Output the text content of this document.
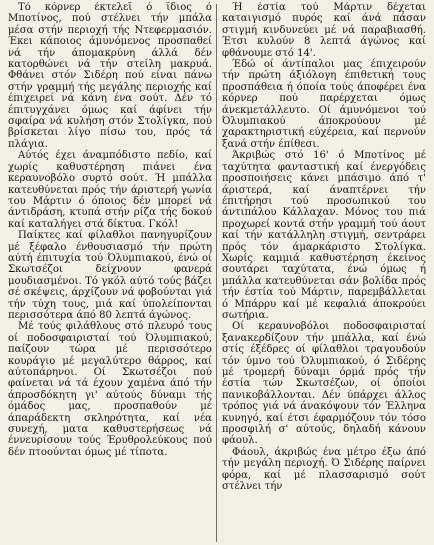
Τό κόρνερ έκτελεΐ ό ΐδιος ό Μποτίνος, πού στέλνει τήν μπάλα μέσα στήν περιοχή τής Ντεφερμασιόν. Έκει κάποιος άμυνόμενος προσπαθεί νά τήν άπομακρύνη άλλά δέν κατορθώνει νά τήν στείλη μακρυά. Φθάνει στόν Σιδέρη πού είναι πάνω στήν γραμμή τής μεγάλης περιοχής καί έπιχειρεί νά κάνη ένα σούτ. Δέν τό έπιτυγχάνει όμως καί άφίνει τήν σφαίρα νά κυλήση στόν Στολίγκα, πού βρίσκεται λίγο πίσω του, πρός τά πλάγια.

Αύτός έχει άναμπόδιστο πεδίο, καί χωρίς καθυστέρηση πιάνει ένα κεραυνοβόλο συρτό σούτ. Ή μπάλλα κατευθύνεται πρός τήν άριστερή γωνία του Μάρτιν ό όποιος δέν μπορεί νά άντιδράση, κτυπά στήν ρίζα τής δοκού καί καταλήγει στά δίκτυα. Γκόλ!

Παίκτες καί φίλαθλοι πανηγυρίζουν μέ ξέφαλο ένθουσιασμό τήν πρώτη αύτή έπιτυχία τού Όλυμπιακού, ένώ οί Σκωτσέζοι δείχνουν φανερά μουδιασμένοι. Τό γκόλ αύτό τούς βάζει σέ σκέψεις, άρχίζουν νά φοβούνται γιά τήν τύχη τους, μιά καί ύπολείπονται περισσότερα άπό 80 λεπτά άγώνος.

Μέ τούς φιλάθλους στό πλευρό τους οί ποδοσφαιρισταί τού Όλυμπιακού, παίζουν τώρα μέ περισσότερο κουράγιο μέ μεγαλύτερο θάρρος, καί αύτοπάρηνοι. Οί Σκωτσέζοι πού φαίνεται νά τά έχουν χαμένα άπό τήν άπροσδόκητη γι' αύτούς δύναμι τής όμάδος μας, προσπαθούν μέ άπαράδεκτη σκληρότητα, καί νέα συνεχή, ματα καθυστερήσεως νά έννευρίσουν τούς Έρυθρολεύκους πού δέν πτοούνται όμως μέ τίποτα.

Ή έστία τού Μάρτιν δέχεται καταιγισμό πυρός καί άνά πάσαν στιγμή κινδυνεύει μέ νά παραβιασθή. Έτσι κυλούν 8 λεπτά άγώνος καί φθάνουμε στό 14'.

Έδώ οί άντίπαλοι μας έπιχειρούν τήν πρώτη άξιόλογη έπιθετική τους προσπάθεια ή όποία τούς άποφέρει ένα κόρνερ πού παρέρχεται όμως άνεκμετάλλευτο. Οί άμυνόμενοι τού Όλυμπιακού άποκρούουν μέ χαρακτηριστική εύχέρεια, καί περνούν ξανά στήν έπίθεσι.

Άκριβώς στό 16' ό Μποτίνος μέ ταχύτητα φανταστική καί ένεργόδεις προσποιήσεις κάνει μπάσιμο άπό τ' άριστερά, καί άναπτέρνει τήν έπιτήρησι τού προσωπικού του άντιπάλου Κάλλαχαν. Μόνος του πιά προχωρεί κοντά στήν γραμμή τού άουτ καί τήν κατάλληλη στιγμή, σεντράρει πρός τόν άμαρκάριστο Στολίγκα. Χωρίς καμμιά καθυστέρηση έκείνος σουτάρει ταχύτατα, ένώ όμως ή μπάλλα κατευθύνεται σάν βολίδα πρός τήν έστία τού Μάρτιν, παρεμβάλλεται ό Μπάρρυ καί μέ κεφαλιά άποκρούει σωτήρια.

Οί κεραυνοβόλοι ποδοσφαιρισταί ξανακερδίζουν τήν μπάλλα, καί ένώ στίς έξέδρες οί φίλαθλοι τραγουδούν τόν ύμνο τού Όλυμπιακού, ό Σιδέρης μέ τρομερή δύναμι όρμά πρός τήν έστία τών Σκωτσέζων, οί όποίοι πανικοβάλλονται. Δέν ύπάρχει άλλος τρόπος γιά νά άνακόψουν τόν Έλληνα κυνηγό, καί έτσι έφαρμόζουν τόν τόσο προσφιλή σ' αύτούς, δηλαδή κάνουν φάουλ.

Φάουλ, άκριβώς ένα μέτρο έξω άπό τήν μεγάλη περιοχή. Ό Σιδέρης παίρνει φόρα, καί μέ πλασσαρισμό σούτ στέλνει τήν
